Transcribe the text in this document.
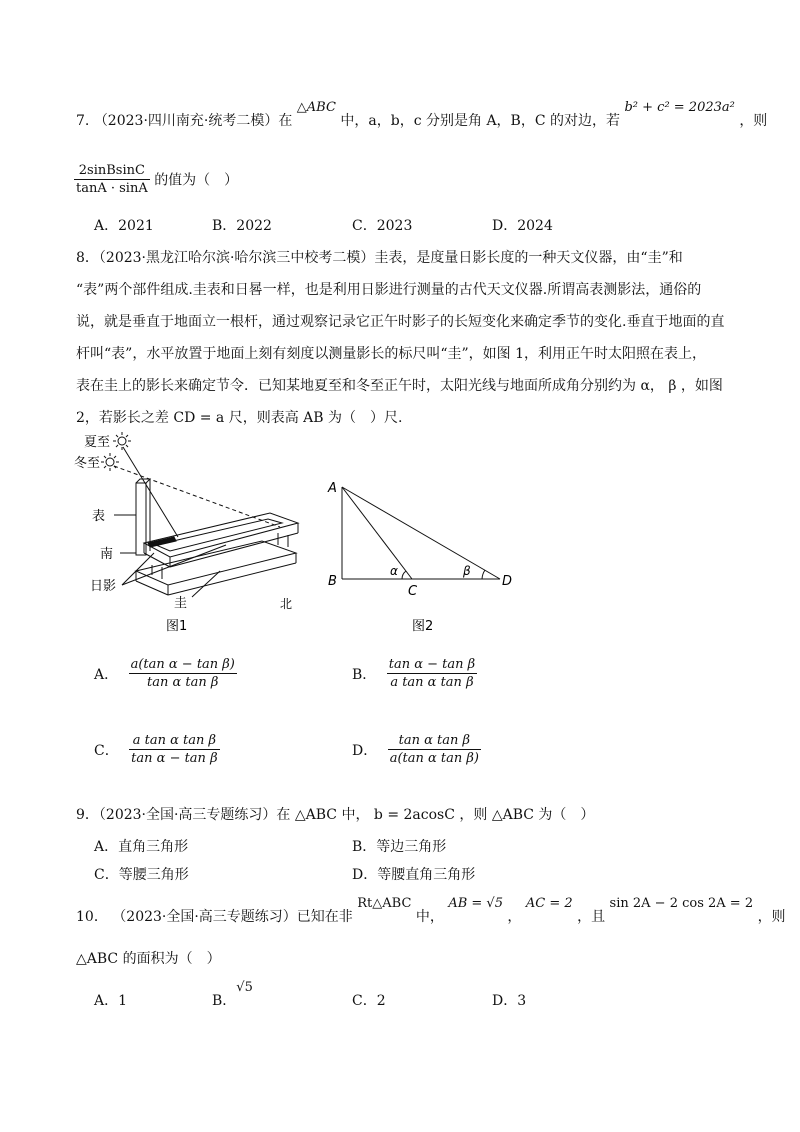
7. （2023·四川南充·统考二模）在 △ABC 中，a，b，c 分别是角 A，B，C 的对边，若 b² + c² = 2023a² ，则
$\frac{\text{2sinBsinC}}{\tan A \cdot \sin A}$ 的值为（　）
A．2021	B．2022	C．2023	D．2024
8．（2023·黑龙江哈尔滨·哈尔滨三中校考二模）圭表，是度量日影长度的一种天文仪器，由“圭”和
“表”两个部件组成.圭表和日晷一样，也是利用日影进行测量的古代天文仪器.所谓高表测影法，通俗的
说，就是垂直于地面立一根杆，通过观察记录它正午时影子的长短变化来确定季节的变化.垂直于地面的直
杆叫“表”，水平放置于地面上刻有刻度以测量影长的标尺叫“圭”，如图 1，利用正午时太阳照在表上，
表在圭上的影长来确定节令．已知某地夏至和冬至正午时，太阳光线与地面所成角分别约为 α， β ，如图
2，若影长之差 CD = a 尺，则表高 AB 为（　）尺.
夏至
冬至
表
南
日影
圭	北
图1
A
B
C
D
α	β
图2
A． $\frac{\text{a(tan α − tan β)}}{\text{tan α tan β}}$	B． $\frac{\text{tan α − tan β}}{\text{a tan α tan β}}$
C． $\frac{\text{a tan α tan β}}{\text{tan α − tan β}}$	D． $\frac{\text{tan α tan β}}{\text{a(tan α tan β)}}$
9．（2023·全国·高三专题练习）在 △ABC 中， b = 2acosC ，则 △ABC 为（　）
A．直角三角形	B．等边三角形
C．等腰三角形	D．等腰直角三角形
10． （2023·全国·高三专题练习）已知在非 Rt△ABC 中， AB = √5 ， AC = 2 ，且 sin 2A − 2 cos 2A = 2 ，则
△ABC 的面积为（　）
A．1	B．√5
C．2	D．3
